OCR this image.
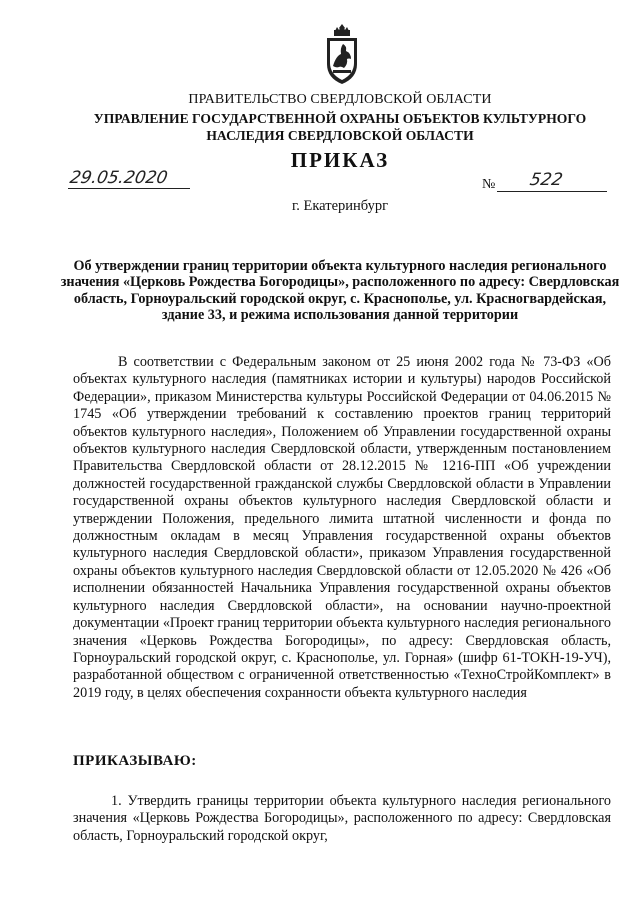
ПРАВИТЕЛЬСТВО СВЕРДЛОВСКОЙ ОБЛАСТИ
УПРАВЛЕНИЕ ГОСУДАРСТВЕННОЙ ОХРАНЫ ОБЪЕКТОВ КУЛЬТУРНОГО НАСЛЕДИЯ СВЕРДЛОВСКОЙ ОБЛАСТИ
ПРИКАЗ
29.05.2020	№ 522
г. Екатеринбург
Об утверждении границ территории объекта культурного наследия регионального значения «Церковь Рождества Богородицы», расположенного по адресу: Свердловская область, Горноуральский городской округ, с. Краснополье, ул. Красногвардейская, здание 33, и режима использования данной территории
В соответствии с Федеральным законом от 25 июня 2002 года № 73-ФЗ «Об объектах культурного наследия (памятниках истории и культуры) народов Российской Федерации», приказом Министерства культуры Российской Федерации от 04.06.2015 № 1745 «Об утверждении требований к составлению проектов границ территорий объектов культурного наследия», Положением об Управлении государственной охраны объектов культурного наследия Свердловской области, утвержденным постановлением Правительства Свердловской области от 28.12.2015 № 1216-ПП «Об учреждении должностей государственной гражданской службы Свердловской области в Управлении государственной охраны объектов культурного наследия Свердловской области и утверждении Положения, предельного лимита штатной численности и фонда по должностным окладам в месяц Управления государственной охраны объектов культурного наследия Свердловской области», приказом Управления государственной охраны объектов культурного наследия Свердловской области от 12.05.2020 № 426 «Об исполнении обязанностей Начальника Управления государственной охраны объектов культурного наследия Свердловской области», на основании научно-проектной документации «Проект границ территории объекта культурного наследия регионального значения «Церковь Рождества Богородицы», по адресу: Свердловская область, Горноуральский городской округ, с. Краснополье, ул. Горная» (шифр 61-ТОКН-19-УЧ), разработанной обществом с ограниченной ответственностью «ТехноСтройКомплект» в 2019 году, в целях обеспечения сохранности объекта культурного наследия
ПРИКАЗЫВАЮ:
1. Утвердить границы территории объекта культурного наследия регионального значения «Церковь Рождества Богородицы», расположенного по адресу: Свердловская область, Горноуральский городской округ,
